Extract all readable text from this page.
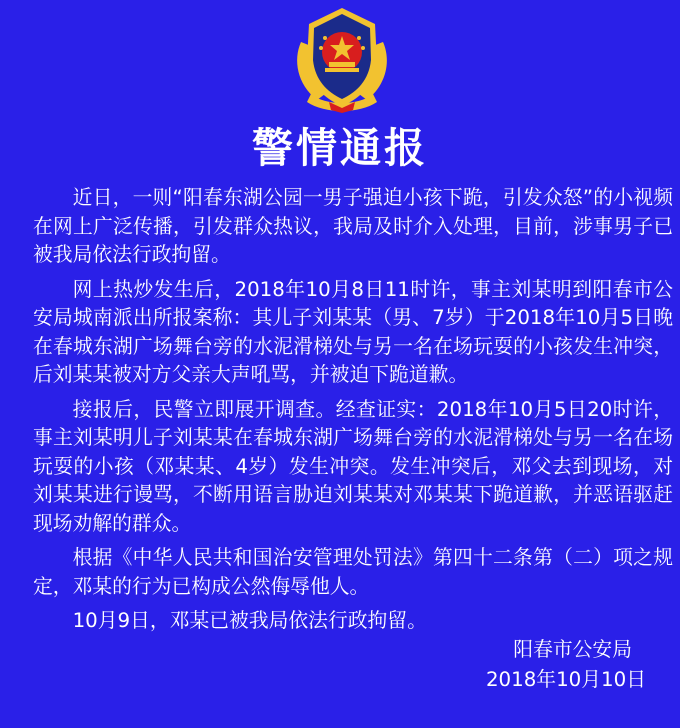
警情通报

近日，一则“阳春东湖公园一男子强迫小孩下跪，引发众怒”的小视频在网上广泛传播，引发群众热议，我局及时介入处理，目前，涉事男子已被我局依法行政拘留。

网上热炒发生后，2018年10月8日11时许，事主刘某明到阳春市公安局城南派出所报案称：其儿子刘某某（男、7岁）于2018年10月5日晚在春城东湖广场舞台旁的水泥滑梯处与另一名在场玩耍的小孩发生冲突，后刘某某被对方父亲大声吼骂，并被迫下跪道歉。

接报后，民警立即展开调查。经查证实：2018年10月5日20时许，事主刘某明儿子刘某某在春城东湖广场舞台旁的水泥滑梯处与另一名在场玩耍的小孩（邓某某、4岁）发生冲突。发生冲突后，邓父去到现场，对刘某某进行谩骂，不断用语言胁迫刘某某对邓某某下跪道歉，并恶语驱赶现场劝解的群众。

根据《中华人民共和国治安管理处罚法》第四十二条第（二）项之规定，邓某的行为已构成公然侮辱他人。

10月9日，邓某已被我局依法行政拘留。

阳春市公安局
2018年10月10日
